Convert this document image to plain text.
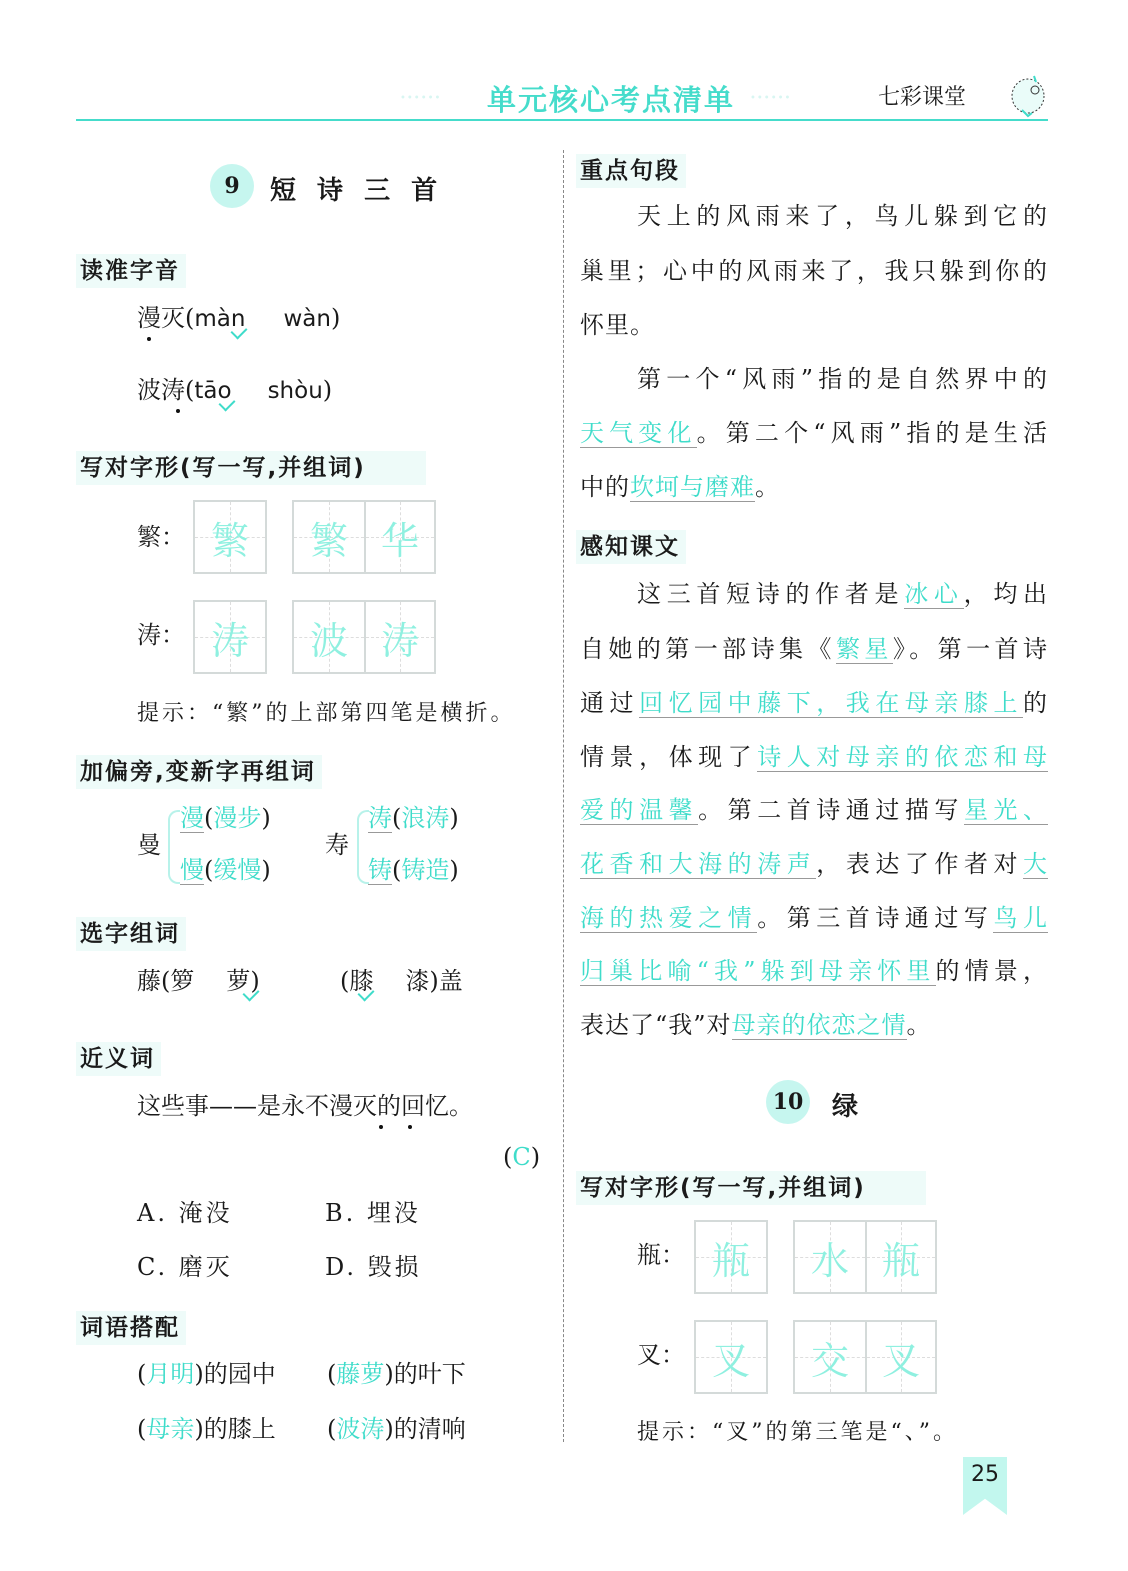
•••••• 单元核心考点清单 ••••••	七彩课堂
9	短 诗 三 首
读准字音
漫灭(màn wàn)
波涛(tāo shòu)
写对字形(写一写,并组词)
繁： 繁 繁 华
涛： 涛 波 涛
提示：“繁”的上部第四笔是横折。
加偏旁,变新字再组词
曼
漫(漫步)
慢(缓慢)
寿
涛(浪涛)
铸(铸造)
选字组词
藤(箩 萝)	(膝 漆)盖
近义词
这些事——是永不漫灭的回忆。
(C)
A. 淹没	B. 埋没
C. 磨灭	D. 毁损
词语搭配
(月明)的园中 (藤萝)的叶下
(母亲)的膝上 (波涛)的清响
重点句段
天上的风雨来了，鸟儿躲到它的
巢里；心中的风雨来了，我只躲到你的
怀里。
第一个“风雨”指的是自然界中的
天气变化。第二个“风雨”指的是生活
中的坎坷与磨难。
感知课文
这三首短诗的作者是冰心，均出
自她的第一部诗集《繁星》。第一首诗
通过回忆园中藤下，我在母亲膝上的
情景，体现了诗人对母亲的依恋和母
爱的温馨。第二首诗通过描写星光、
花香和大海的涛声，表达了作者对大
海的热爱之情。第三首诗通过写鸟儿
归巢比喻“我”躲到母亲怀里的情景，
表达了“我”对母亲的依恋之情。
10 绿
写对字形(写一写,并组词)
瓶： 瓶 水 瓶
叉： 叉 交 叉
提示：“叉”的第三笔是“、”。
25
